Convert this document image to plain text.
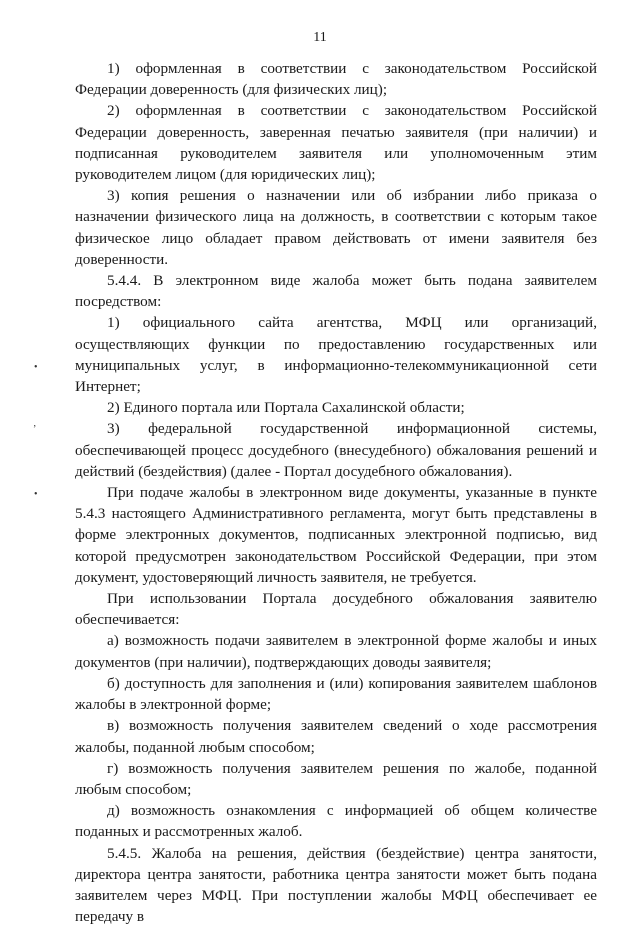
11
•
ʼ
•

1) оформленная в соответствии с законодательством Российской Федерации доверенность (для физических лиц);

2) оформленная в соответствии с законодательством Российской Федерации доверенность, заверенная печатью заявителя (при наличии) и подписанная руководителем заявителя или уполномоченным этим руководителем лицом (для юридических лиц);

3) копия решения о назначении или об избрании либо приказа о назначении физического лица на должность, в соответствии с которым такое физическое лицо обладает правом действовать от имени заявителя без доверенности.

5.4.4. В электронном виде жалоба может быть подана заявителем посредством:

1) официального сайта агентства, МФЦ или организаций, осуществляющих функции по предоставлению государственных или муниципальных услуг, в информационно-телекоммуникационной сети Интернет;

2) Единого портала или Портала Сахалинской области;

3) федеральной государственной информационной системы, обеспечивающей процесс досудебного (внесудебного) обжалования решений и действий (бездействия) (далее - Портал досудебного обжалования).

При подаче жалобы в электронном виде документы, указанные в пункте 5.4.3 настоящего Административного регламента, могут быть представлены в форме электронных документов, подписанных электронной подписью, вид которой предусмотрен законодательством Российской Федерации, при этом документ, удостоверяющий личность заявителя, не требуется.

При использовании Портала досудебного обжалования заявителю обеспечивается:

а) возможность подачи заявителем в электронной форме жалобы и иных документов (при наличии), подтверждающих доводы заявителя;

б) доступность для заполнения и (или) копирования заявителем шаблонов жалобы в электронной форме;

в) возможность получения заявителем сведений о ходе рассмотрения жалобы, поданной любым способом;

г) возможность получения заявителем решения по жалобе, поданной любым способом;

д) возможность ознакомления с информацией об общем количестве поданных и рассмотренных жалоб.

5.4.5. Жалоба на решения, действия (бездействие) центра занятости, директора центра занятости, работника центра занятости может быть подана заявителем через МФЦ. При поступлении жалобы МФЦ обеспечивает ее передачу в
